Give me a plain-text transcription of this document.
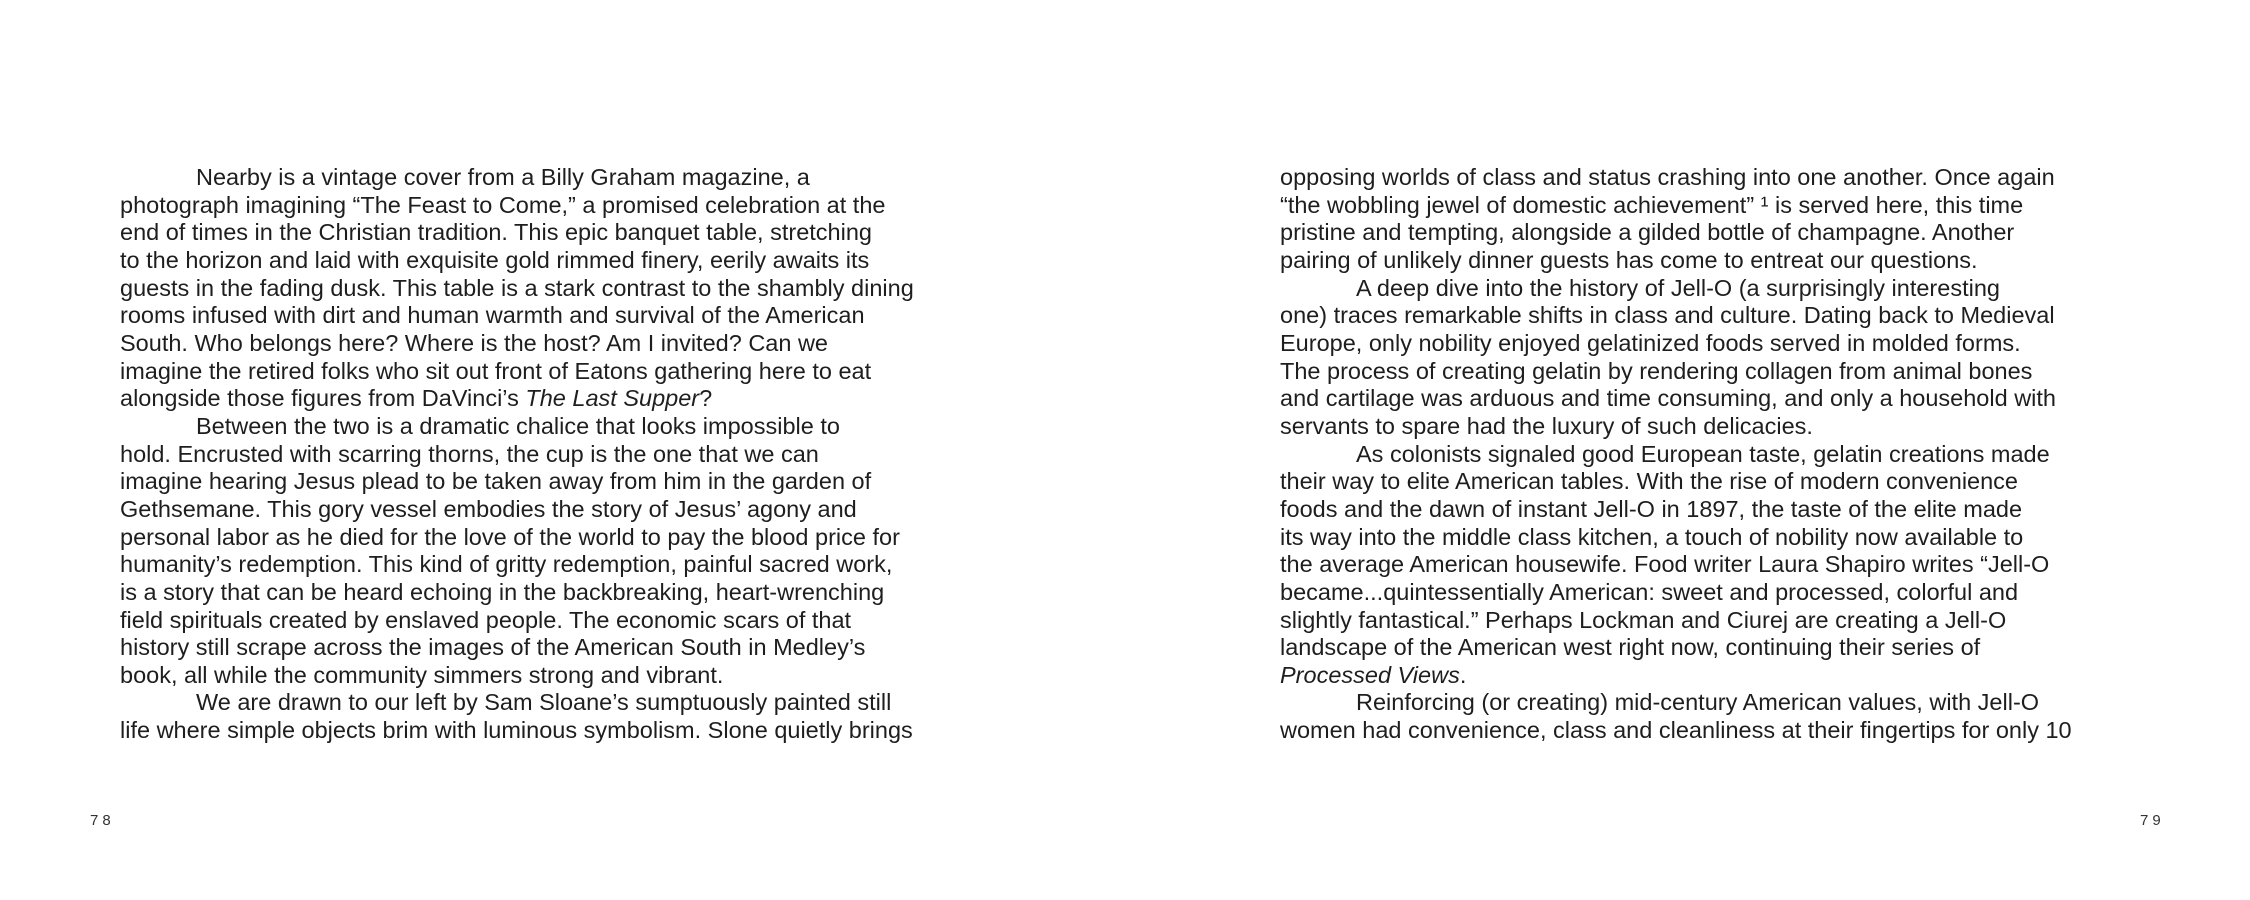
Nearby is a vintage cover from a Billy Graham magazine, a
photograph imagining “The Feast to Come,” a promised celebration at the
end of times in the Christian tradition. This epic banquet table, stretching
to the horizon and laid with exquisite gold rimmed finery, eerily awaits its
guests in the fading dusk. This table is a stark contrast to the shambly dining
rooms infused with dirt and human warmth and survival of the American
South. Who belongs here? Where is the host? Am I invited? Can we
imagine the retired folks who sit out front of Eatons gathering here to eat
alongside those figures from DaVinci’s The Last Supper?
Between the two is a dramatic chalice that looks impossible to
hold. Encrusted with scarring thorns, the cup is the one that we can
imagine hearing Jesus plead to be taken away from him in the garden of
Gethsemane. This gory vessel embodies the story of Jesus’ agony and
personal labor as he died for the love of the world to pay the blood price for
humanity’s redemption. This kind of gritty redemption, painful sacred work,
is a story that can be heard echoing in the backbreaking, heart-wrenching
field spirituals created by enslaved people. The economic scars of that
history still scrape across the images of the American South in Medley’s
book, all while the community simmers strong and vibrant.
We are drawn to our left by Sam Sloane’s sumptuously painted still
life where simple objects brim with luminous symbolism. Slone quietly brings
opposing worlds of class and status crashing into one another. Once again
“the wobbling jewel of domestic achievement” ¹ is served here, this time
pristine and tempting, alongside a gilded bottle of champagne. Another
pairing of unlikely dinner guests has come to entreat our questions.
A deep dive into the history of Jell-O (a surprisingly interesting
one) traces remarkable shifts in class and culture. Dating back to Medieval
Europe, only nobility enjoyed gelatinized foods served in molded forms.
The process of creating gelatin by rendering collagen from animal bones
and cartilage was arduous and time consuming, and only a household with
servants to spare had the luxury of such delicacies.
As colonists signaled good European taste, gelatin creations made
their way to elite American tables. With the rise of modern convenience
foods and the dawn of instant Jell-O in 1897, the taste of the elite made
its way into the middle class kitchen, a touch of nobility now available to
the average American housewife. Food writer Laura Shapiro writes “Jell-O
became...quintessentially American: sweet and processed, colorful and
slightly fantastical.” Perhaps Lockman and Ciurej are creating a Jell-O
landscape of the American west right now, continuing their series of
Processed Views.
Reinforcing (or creating) mid-century American values, with Jell-O
women had convenience, class and cleanliness at their fingertips for only 10
78	79
